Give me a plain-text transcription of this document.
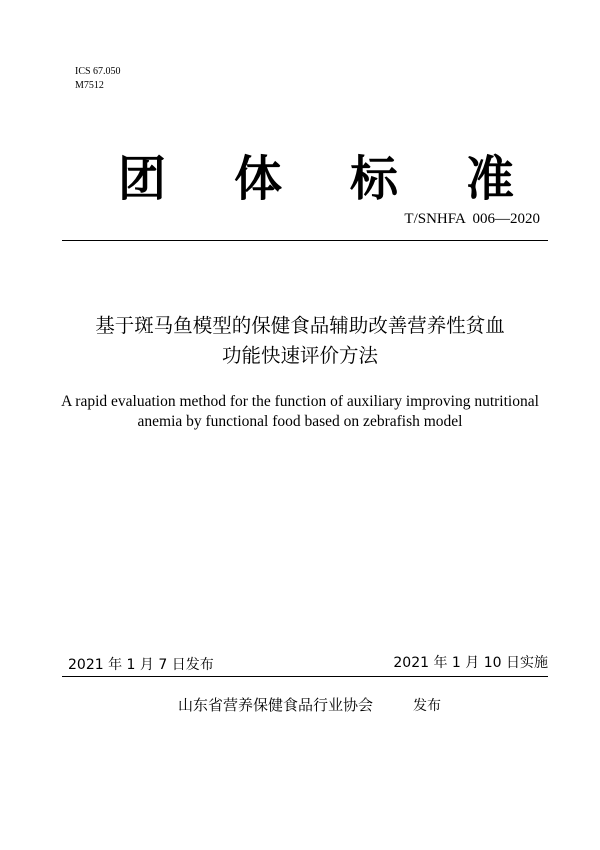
ICS 67.050
M7512
团 体 标 准
T/SNHFA  006—2020
基于斑马鱼模型的保健食品辅助改善营养性贫血
功能快速评价方法
A rapid evaluation method for the function of auxiliary improving nutritional
anemia by functional food based on zebrafish model
2021 年 1 月 7 日发布	2021 年 1 月 10 日实施
山东省营养保健食品行业协会	发布
